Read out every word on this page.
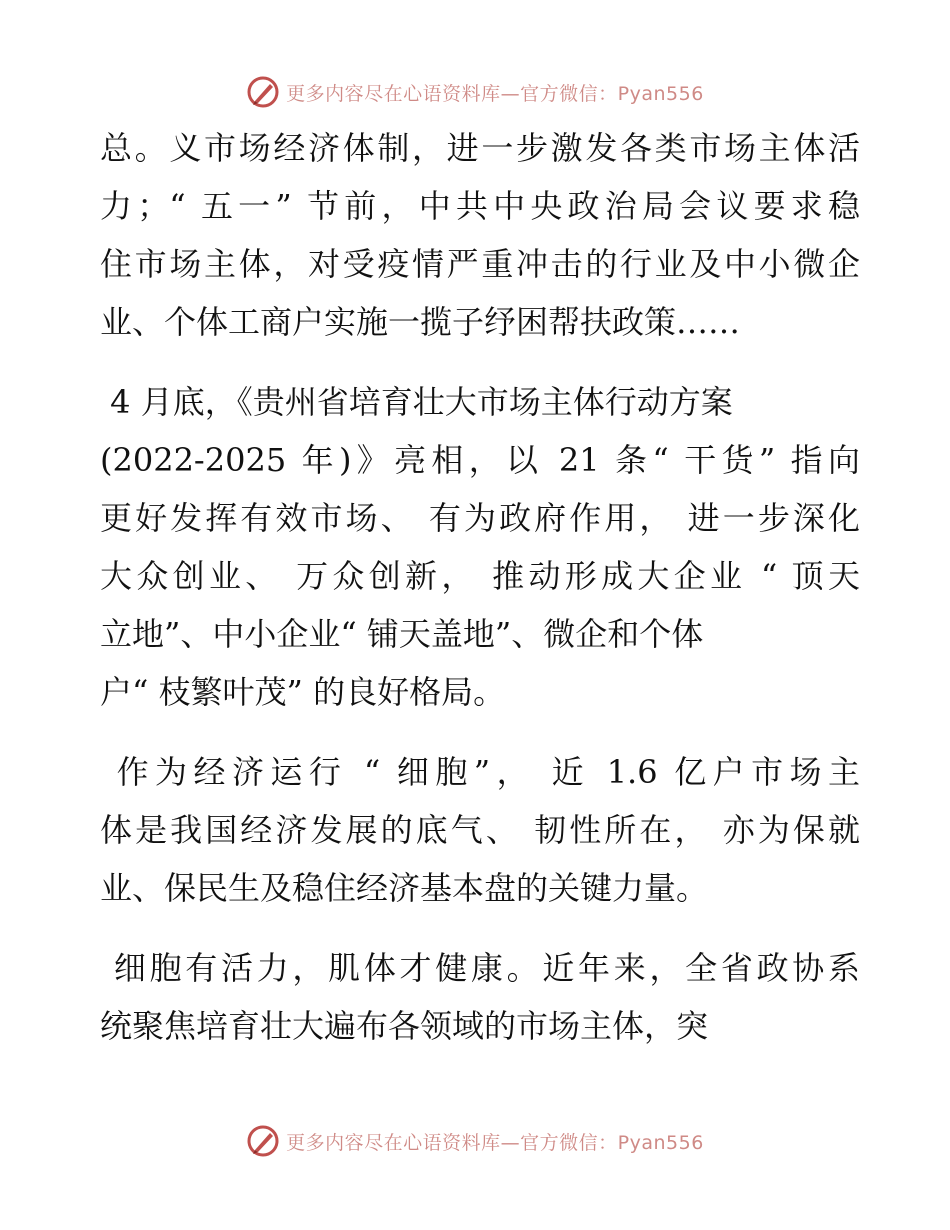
更多内容尽在心语资料库—官方微信：Pyan556
总。义市场经济体制，进一步激发各类市场主体活
力；“ 五一” 节前，中共中央政治局会议要求稳
住市场主体，对受疫情严重冲击的行业及中小微企
业、个体工商户实施一揽子纾困帮扶政策……
4 月底，《贵州省培育壮大市场主体行动方案
(2022-2025 年)》亮相，以 21 条“ 干货” 指向
更好发挥有效市场、 有为政府作用， 进一步深化
大众创业、 万众创新， 推动形成大企业 “ 顶天
立地”、中小企业“ 铺天盖地”、微企和个体
户“ 枝繁叶茂” 的良好格局。
作为经济运行 “ 细胞”， 近 1.6 亿户市场主
体是我国经济发展的底气、 韧性所在， 亦为保就
业、保民生及稳住经济基本盘的关键力量。
细胞有活力，肌体才健康。近年来，全省政协系
统聚焦培育壮大遍布各领域的市场主体，突
更多内容尽在心语资料库—官方微信：Pyan556
